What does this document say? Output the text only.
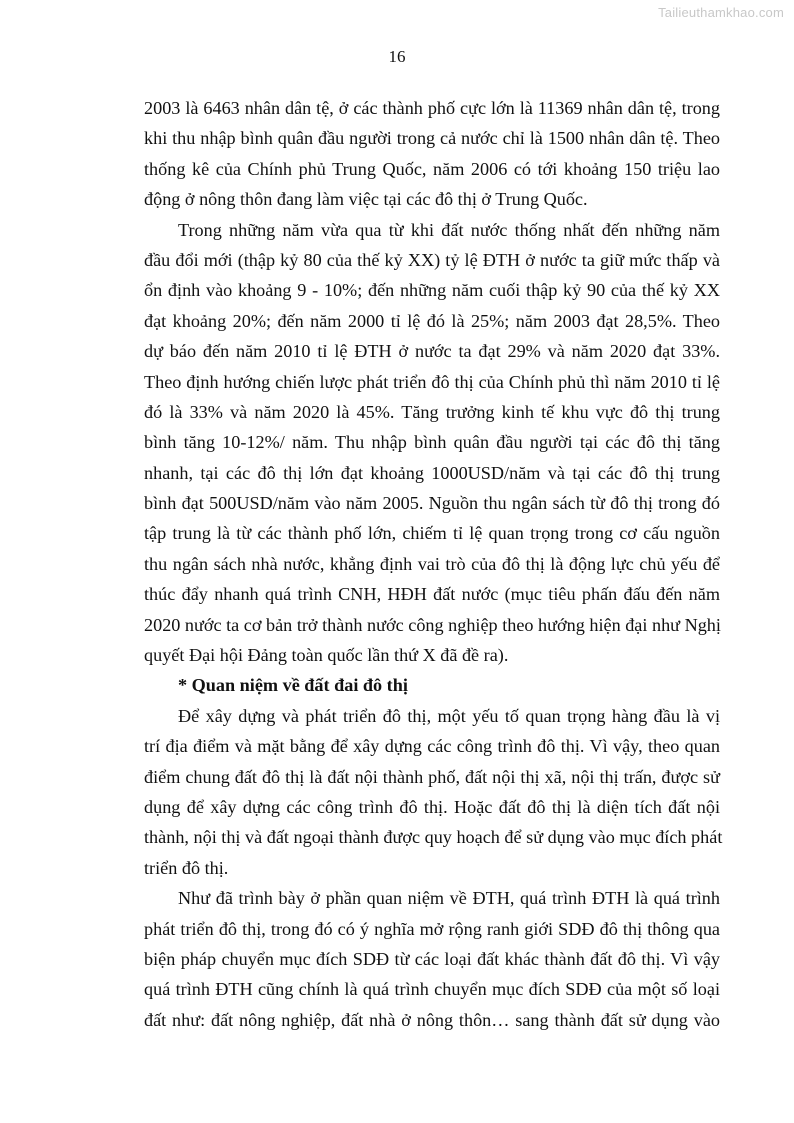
Tailieuthamkhao.com
16
2003 là 6463 nhân dân tệ, ở các thành phố cực lớn là 11369 nhân dân tệ, trong
khi thu nhập bình quân đầu người trong cả nước chỉ là 1500 nhân dân tệ. Theo
thống kê của Chính phủ Trung Quốc, năm 2006 có tới khoảng 150 triệu lao
động ở nông thôn đang làm việc tại các đô thị ở Trung Quốc.
Trong những năm vừa qua từ khi đất nước thống nhất đến những năm
đầu đổi mới (thập kỷ 80 của thế kỷ XX) tỷ lệ ĐTH ở nước ta giữ mức thấp và
ổn định vào khoảng 9 - 10%; đến những năm cuối thập kỷ 90 của thế kỷ XX
đạt khoảng 20%; đến năm 2000 tỉ lệ đó là 25%; năm 2003 đạt 28,5%. Theo
dự báo đến năm 2010 tỉ lệ ĐTH ở nước ta đạt 29% và năm 2020 đạt 33%.
Theo định hướng chiến lược phát triển đô thị của Chính phủ thì năm 2010 tỉ lệ
đó là 33% và năm 2020 là 45%. Tăng trưởng kinh tế khu vực đô thị trung
bình tăng 10-12%/ năm. Thu nhập bình quân đầu người tại các đô thị tăng
nhanh, tại các đô thị lớn đạt khoảng 1000USD/năm và tại các đô thị trung
bình đạt 500USD/năm vào năm 2005. Nguồn thu ngân sách từ đô thị trong đó
tập trung là từ các thành phố lớn, chiếm tỉ lệ quan trọng trong cơ cấu nguồn
thu ngân sách nhà nước, khẳng định vai trò của đô thị là động lực chủ yếu để
thúc đẩy nhanh quá trình CNH, HĐH đất nước (mục tiêu phấn đấu đến năm
2020 nước ta cơ bản trở thành nước công nghiệp theo hướng hiện đại như Nghị
quyết Đại hội Đảng toàn quốc lần thứ X đã đề ra).
* Quan niệm về đất đai đô thị
Để xây dựng và phát triển đô thị, một yếu tố quan trọng hàng đầu là vị
trí địa điểm và mặt bằng để xây dựng các công trình đô thị. Vì vậy, theo quan
điểm chung đất đô thị là đất nội thành phố, đất nội thị xã, nội thị trấn, được sử
dụng để xây dựng các công trình đô thị. Hoặc đất đô thị là diện tích đất nội
thành, nội thị và đất ngoại thành được quy hoạch để sử dụng vào mục đích phát
triển đô thị.
Như đã trình bày ở phần quan niệm về ĐTH, quá trình ĐTH là quá trình
phát triển đô thị, trong đó có ý nghĩa mở rộng ranh giới SDĐ đô thị thông qua
biện pháp chuyển mục đích SDĐ từ các loại đất khác thành đất đô thị. Vì vậy
quá trình ĐTH cũng chính là quá trình chuyển mục đích SDĐ của một số loại
đất như: đất nông nghiệp, đất nhà ở nông thôn… sang thành đất sử dụng vào
